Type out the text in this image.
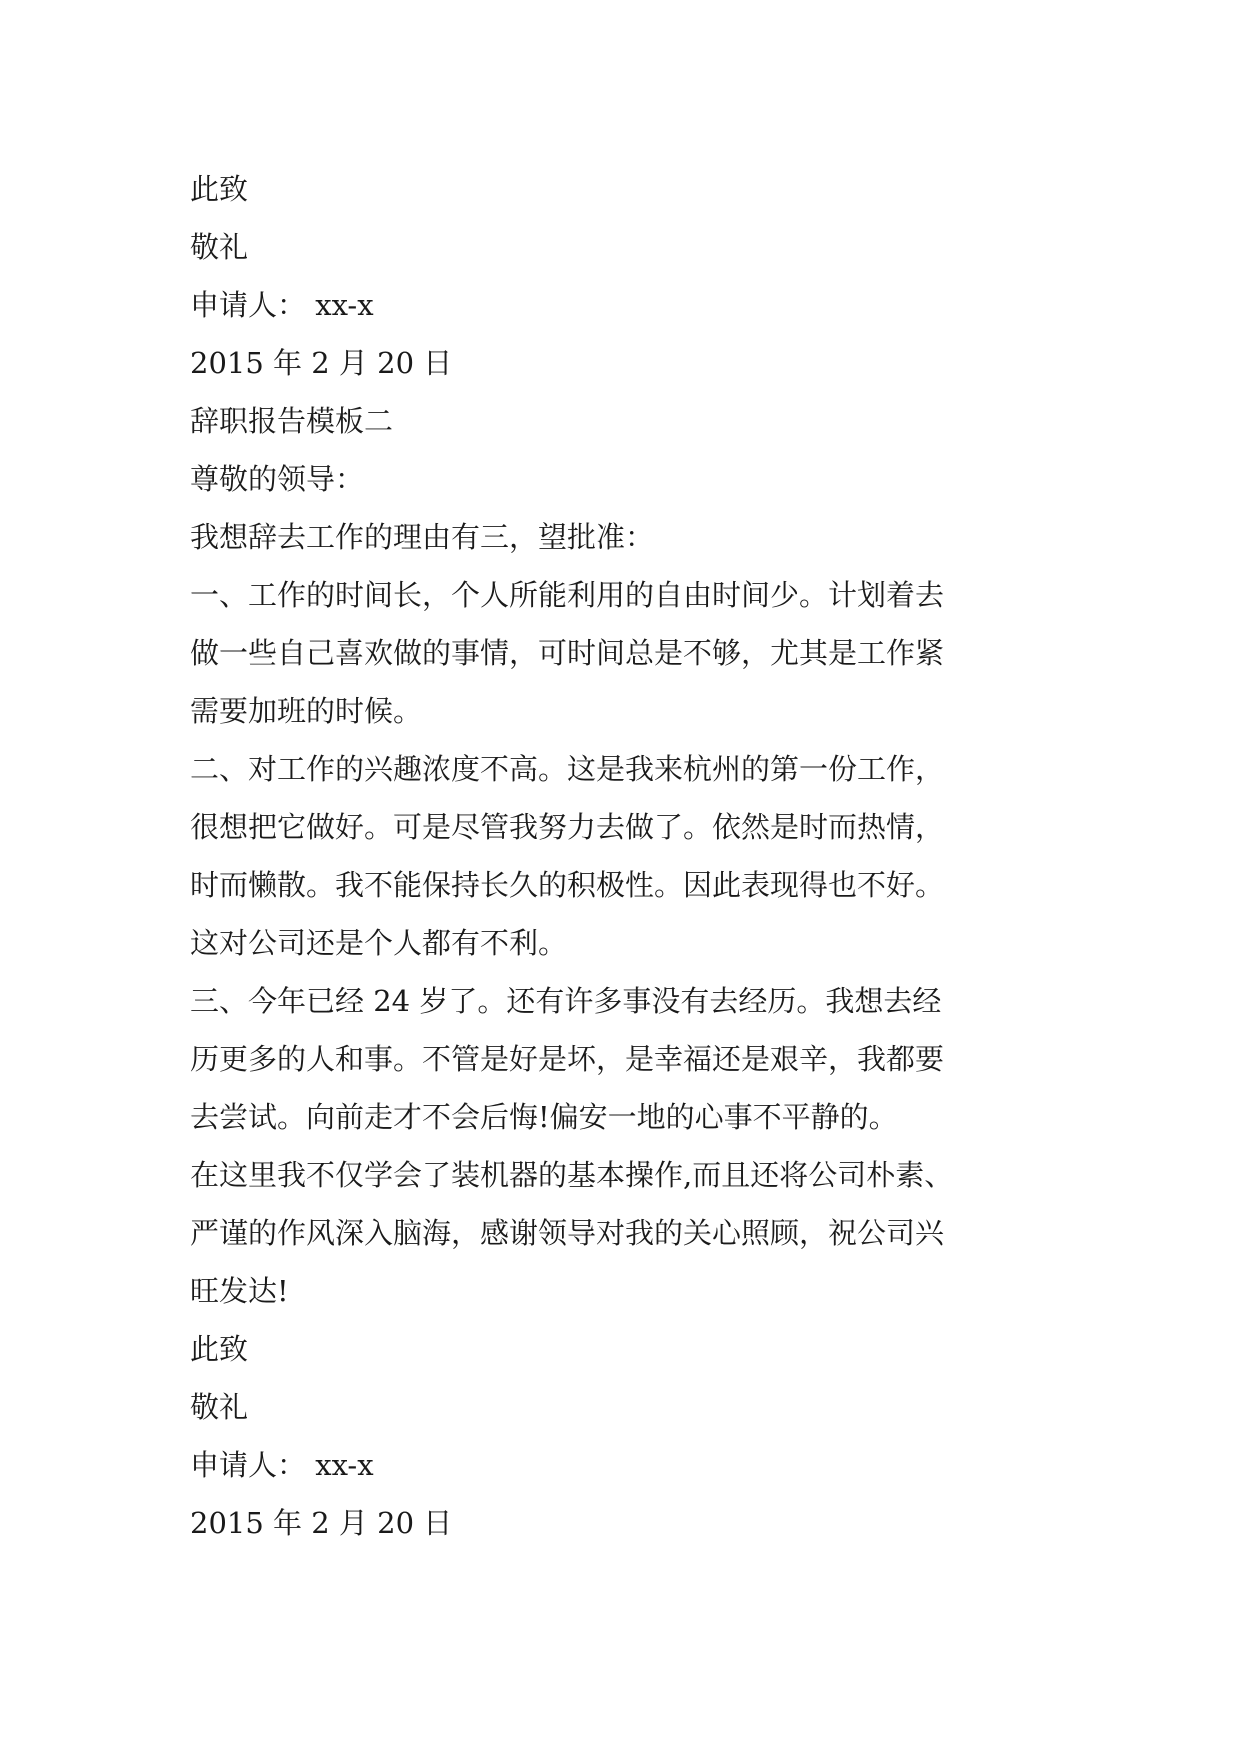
此致

敬礼

申请人： xx-x

2015 年 2 月 20 日

辞职报告模板二

尊敬的领导：

我想辞去工作的理由有三，望批准：

一、工作的时间长，个人所能利用的自由时间少。计划着去

做一些自己喜欢做的事情，可时间总是不够，尤其是工作紧

需要加班的时候。

二、对工作的兴趣浓度不高。这是我来杭州的第一份工作，

很想把它做好。可是尽管我努力去做了。依然是时而热情，

时而懒散。我不能保持长久的积极性。因此表现得也不好。

这对公司还是个人都有不利。

三、今年已经 24 岁了。还有许多事没有去经历。我想去经

历更多的人和事。不管是好是坏，是幸福还是艰辛，我都要

去尝试。向前走才不会后悔!偏安一地的心事不平静的。

在这里我不仅学会了装机器的基本操作,而且还将公司朴素、

严谨的作风深入脑海，感谢领导对我的关心照顾，祝公司兴

旺发达!

此致

敬礼

申请人： xx-x

2015 年 2 月 20 日
